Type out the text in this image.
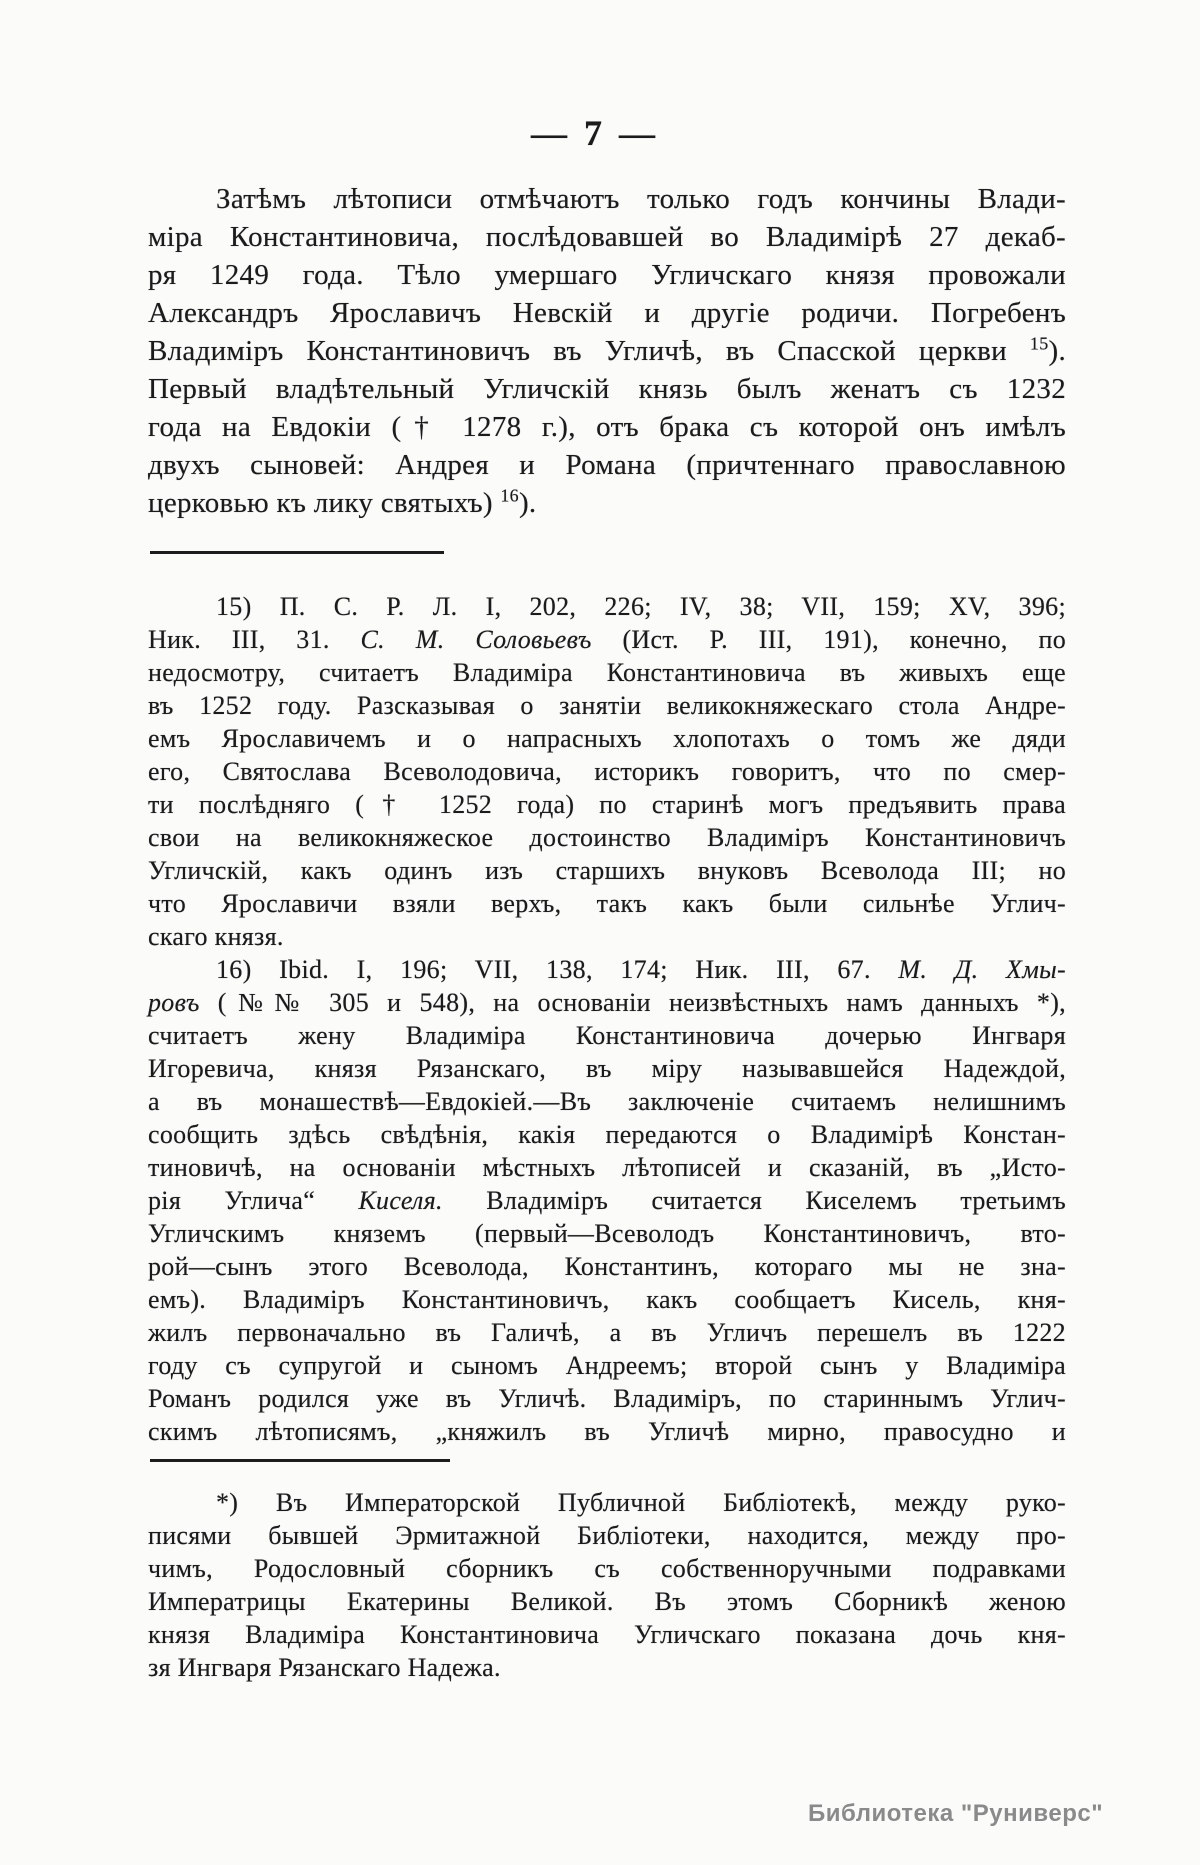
— 7 —
Затѣмъ лѣтописи отмѣчаютъ только годъ кончины Влади-
міра Константиновича, послѣдовавшей во Владимірѣ 27 декаб-
ря 1249 года. Тѣло умершаго Угличскаго князя провожали
Александръ Ярославичъ Невскій и другіе родичи. Погребенъ
Владиміръ Константиновичъ въ Угличѣ, въ Спасской церкви $^{15}$).
Первый владѣтельный Угличскій князь былъ женатъ съ 1232
года на Евдокіи († 1278 г.), отъ брака съ которой онъ имѣлъ
двухъ сыновей: Андрея и Романа (причтеннаго православною
церковью къ лику святыхъ) $^{16}$).
15) П. С. Р. Л. I, 202, 226; IV, 38; VII, 159; XV, 396;
Ник. III, 31. С. М. Соловьевъ (Ист. Р. III, 191), конечно, по
недосмотру, считаетъ Владиміра Константиновича въ живыхъ еще
въ 1252 году. Разсказывая о занятіи великокняжескаго стола Андре-
емъ Ярославичемъ и о напрасныхъ хлопотахъ о томъ же дяди
его, Святослава Всеволодовича, историкъ говоритъ, что по смер-
ти послѣдняго († 1252 года) по старинѣ могъ предъявить права
свои на великокняжеское достоинство Владиміръ Константиновичъ
Угличскій, какъ одинъ изъ старшихъ внуковъ Всеволода III; но
что Ярославичи взяли верхъ, такъ какъ были сильнѣе Углич-
скаго князя.
16) Ibid. I, 196; VII, 138, 174; Ник. III, 67. М. Д. Хмы-
ровъ (№№ 305 и 548), на основаніи неизвѣстныхъ намъ данныхъ *),
считаетъ жену Владиміра Константиновича дочерью Ингваря
Игоревича, князя Рязанскаго, въ міру называвшейся Надеждой,
а въ монашествѣ—Евдокіей.—Въ заключеніе считаемъ нелишнимъ
сообщить здѣсь свѣдѣнія, какія передаются о Владимірѣ Констан-
тиновичѣ, на основаніи мѣстныхъ лѣтописей и сказаній, въ „Исто-
рія Углича“ Киселя. Владиміръ считается Киселемъ третьимъ
Угличскимъ княземъ (первый—Всеволодъ Константиновичъ, вто-
рой—сынъ этого Всеволода, Константинъ, котораго мы не зна-
емъ). Владиміръ Константиновичъ, какъ сообщаетъ Кисель, кня-
жилъ первоначально въ Галичѣ, а въ Угличъ перешелъ въ 1222
году съ супругой и сыномъ Андреемъ; второй сынъ у Владиміра
Романъ родился уже въ Угличѣ. Владиміръ, по стариннымъ Углич-
скимъ лѣтописямъ, „княжилъ въ Угличѣ мирно, правосудно и
*) Въ Императорской Публичной Библіотекѣ, между руко-
писями бывшей Эрмитажной Библіотеки, находится, между про-
чимъ, Родословный сборникъ съ собственноручными подравками
Императрицы Екатерины Великой. Въ этомъ Сборникѣ женою
князя Владиміра Константиновича Угличскаго показана дочь кня-
зя Ингваря Рязанскаго Надежа.
Библиотека "Руниверс"
